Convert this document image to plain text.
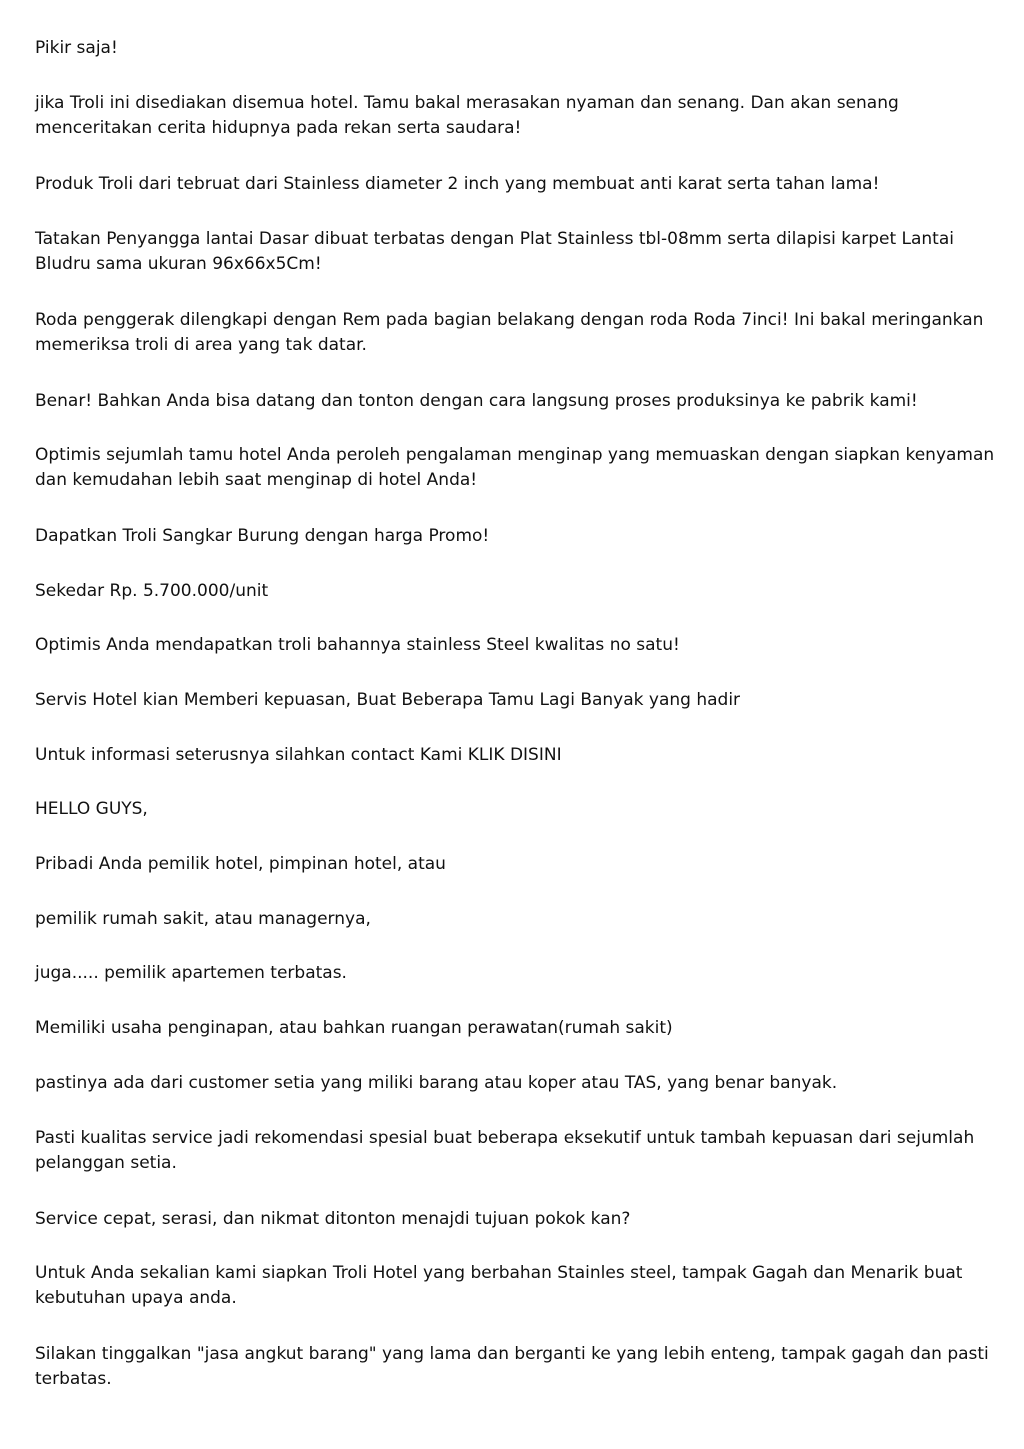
Pikir saja!

jika Troli ini disediakan disemua hotel. Tamu bakal merasakan nyaman dan senang. Dan akan senang menceritakan cerita hidupnya pada rekan serta saudara!

Produk Troli dari tebruat dari Stainless diameter 2 inch yang membuat anti karat serta tahan lama!

Tatakan Penyangga lantai Dasar dibuat terbatas dengan Plat Stainless tbl-08mm serta dilapisi karpet Lantai Bludru sama ukuran 96x66x5Cm!

Roda penggerak dilengkapi dengan Rem pada bagian belakang dengan roda Roda 7inci! Ini bakal meringankan memeriksa troli di area yang tak datar.

Benar! Bahkan Anda bisa datang dan tonton dengan cara langsung proses produksinya ke pabrik kami!

Optimis sejumlah tamu hotel Anda peroleh pengalaman menginap yang memuaskan dengan siapkan kenyaman dan kemudahan lebih saat menginap di hotel Anda!

Dapatkan Troli Sangkar Burung dengan harga Promo!

Sekedar Rp. 5.700.000/unit

Optimis Anda mendapatkan troli bahannya stainless Steel kwalitas no satu!

Servis Hotel kian Memberi kepuasan, Buat Beberapa Tamu Lagi Banyak yang hadir

Untuk informasi seterusnya silahkan contact Kami KLIK DISINI

HELLO GUYS,

Pribadi Anda pemilik hotel, pimpinan hotel, atau

pemilik rumah sakit, atau managernya,

juga..... pemilik apartemen terbatas.

Memiliki usaha penginapan, atau bahkan ruangan perawatan(rumah sakit)

pastinya ada dari customer setia yang miliki barang atau koper atau TAS, yang benar banyak.

Pasti kualitas service jadi rekomendasi spesial buat beberapa eksekutif untuk tambah kepuasan dari sejumlah pelanggan setia.

Service cepat, serasi, dan nikmat ditonton menajdi tujuan pokok kan?

Untuk Anda sekalian kami siapkan Troli Hotel yang berbahan Stainles steel, tampak Gagah dan Menarik buat kebutuhan upaya anda.

Silakan tinggalkan "jasa angkut barang" yang lama dan berganti ke yang lebih enteng, tampak gagah dan pasti terbatas.
